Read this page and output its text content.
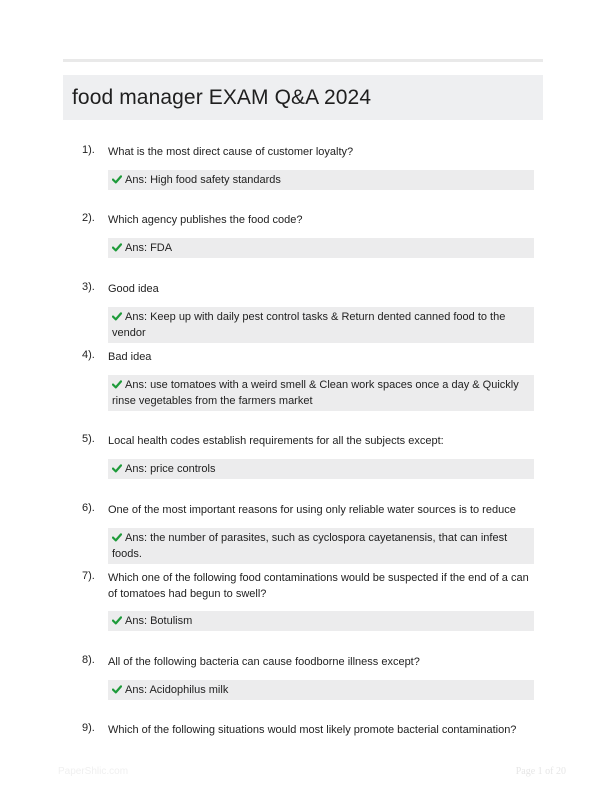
food manager EXAM Q&A 2024
1). What is the most direct cause of customer loyalty?
Ans: High food safety standards
2). Which agency publishes the food code?
Ans: FDA
3). Good idea
Ans: Keep up with daily pest control tasks & Return dented canned food to the vendor
4). Bad idea
Ans: use tomatoes with a weird smell & Clean work spaces once a day & Quickly rinse vegetables from the farmers market
5). Local health codes establish requirements for all the subjects except:
Ans: price controls
6). One of the most important reasons for using only reliable water sources is to reduce
Ans: the number of parasites, such as cyclospora cayetanensis, that can infest foods.
7). Which one of the following food contaminations would be suspected if the end of a can of tomatoes had begun to swell?
Ans: Botulism
8). All of the following bacteria can cause foodborne illness except?
Ans: Acidophilus milk
9). Which of the following situations would most likely promote bacterial contamination?
PaperShlic.com	Page 1 of 20
